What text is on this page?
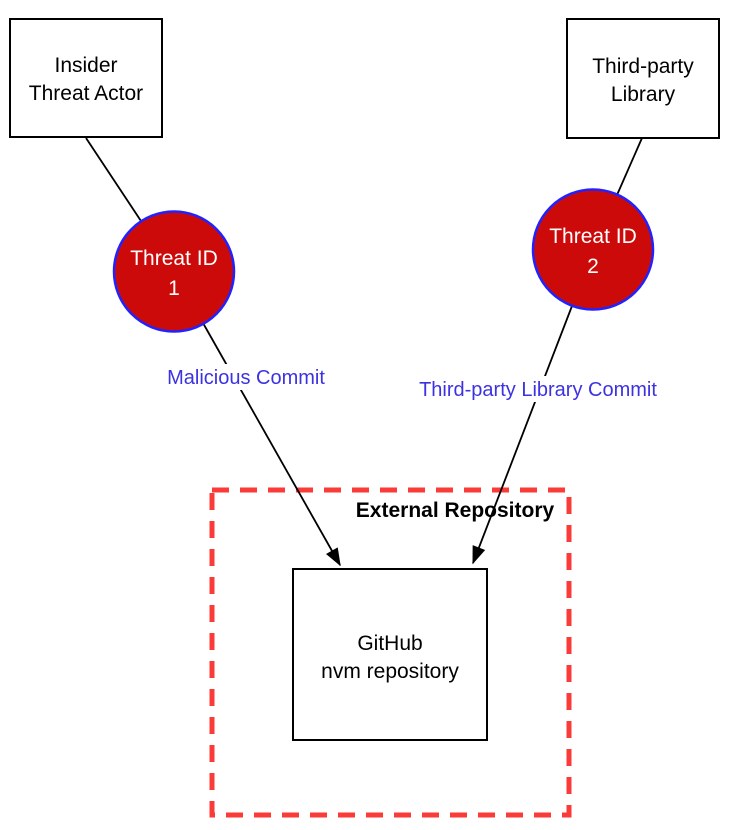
External Repository
Insider
Threat Actor
Third-party
Library
Threat ID
1
Threat ID
2
Malicious Commit
Third-party Library Commit
GitHub
nvm repository
